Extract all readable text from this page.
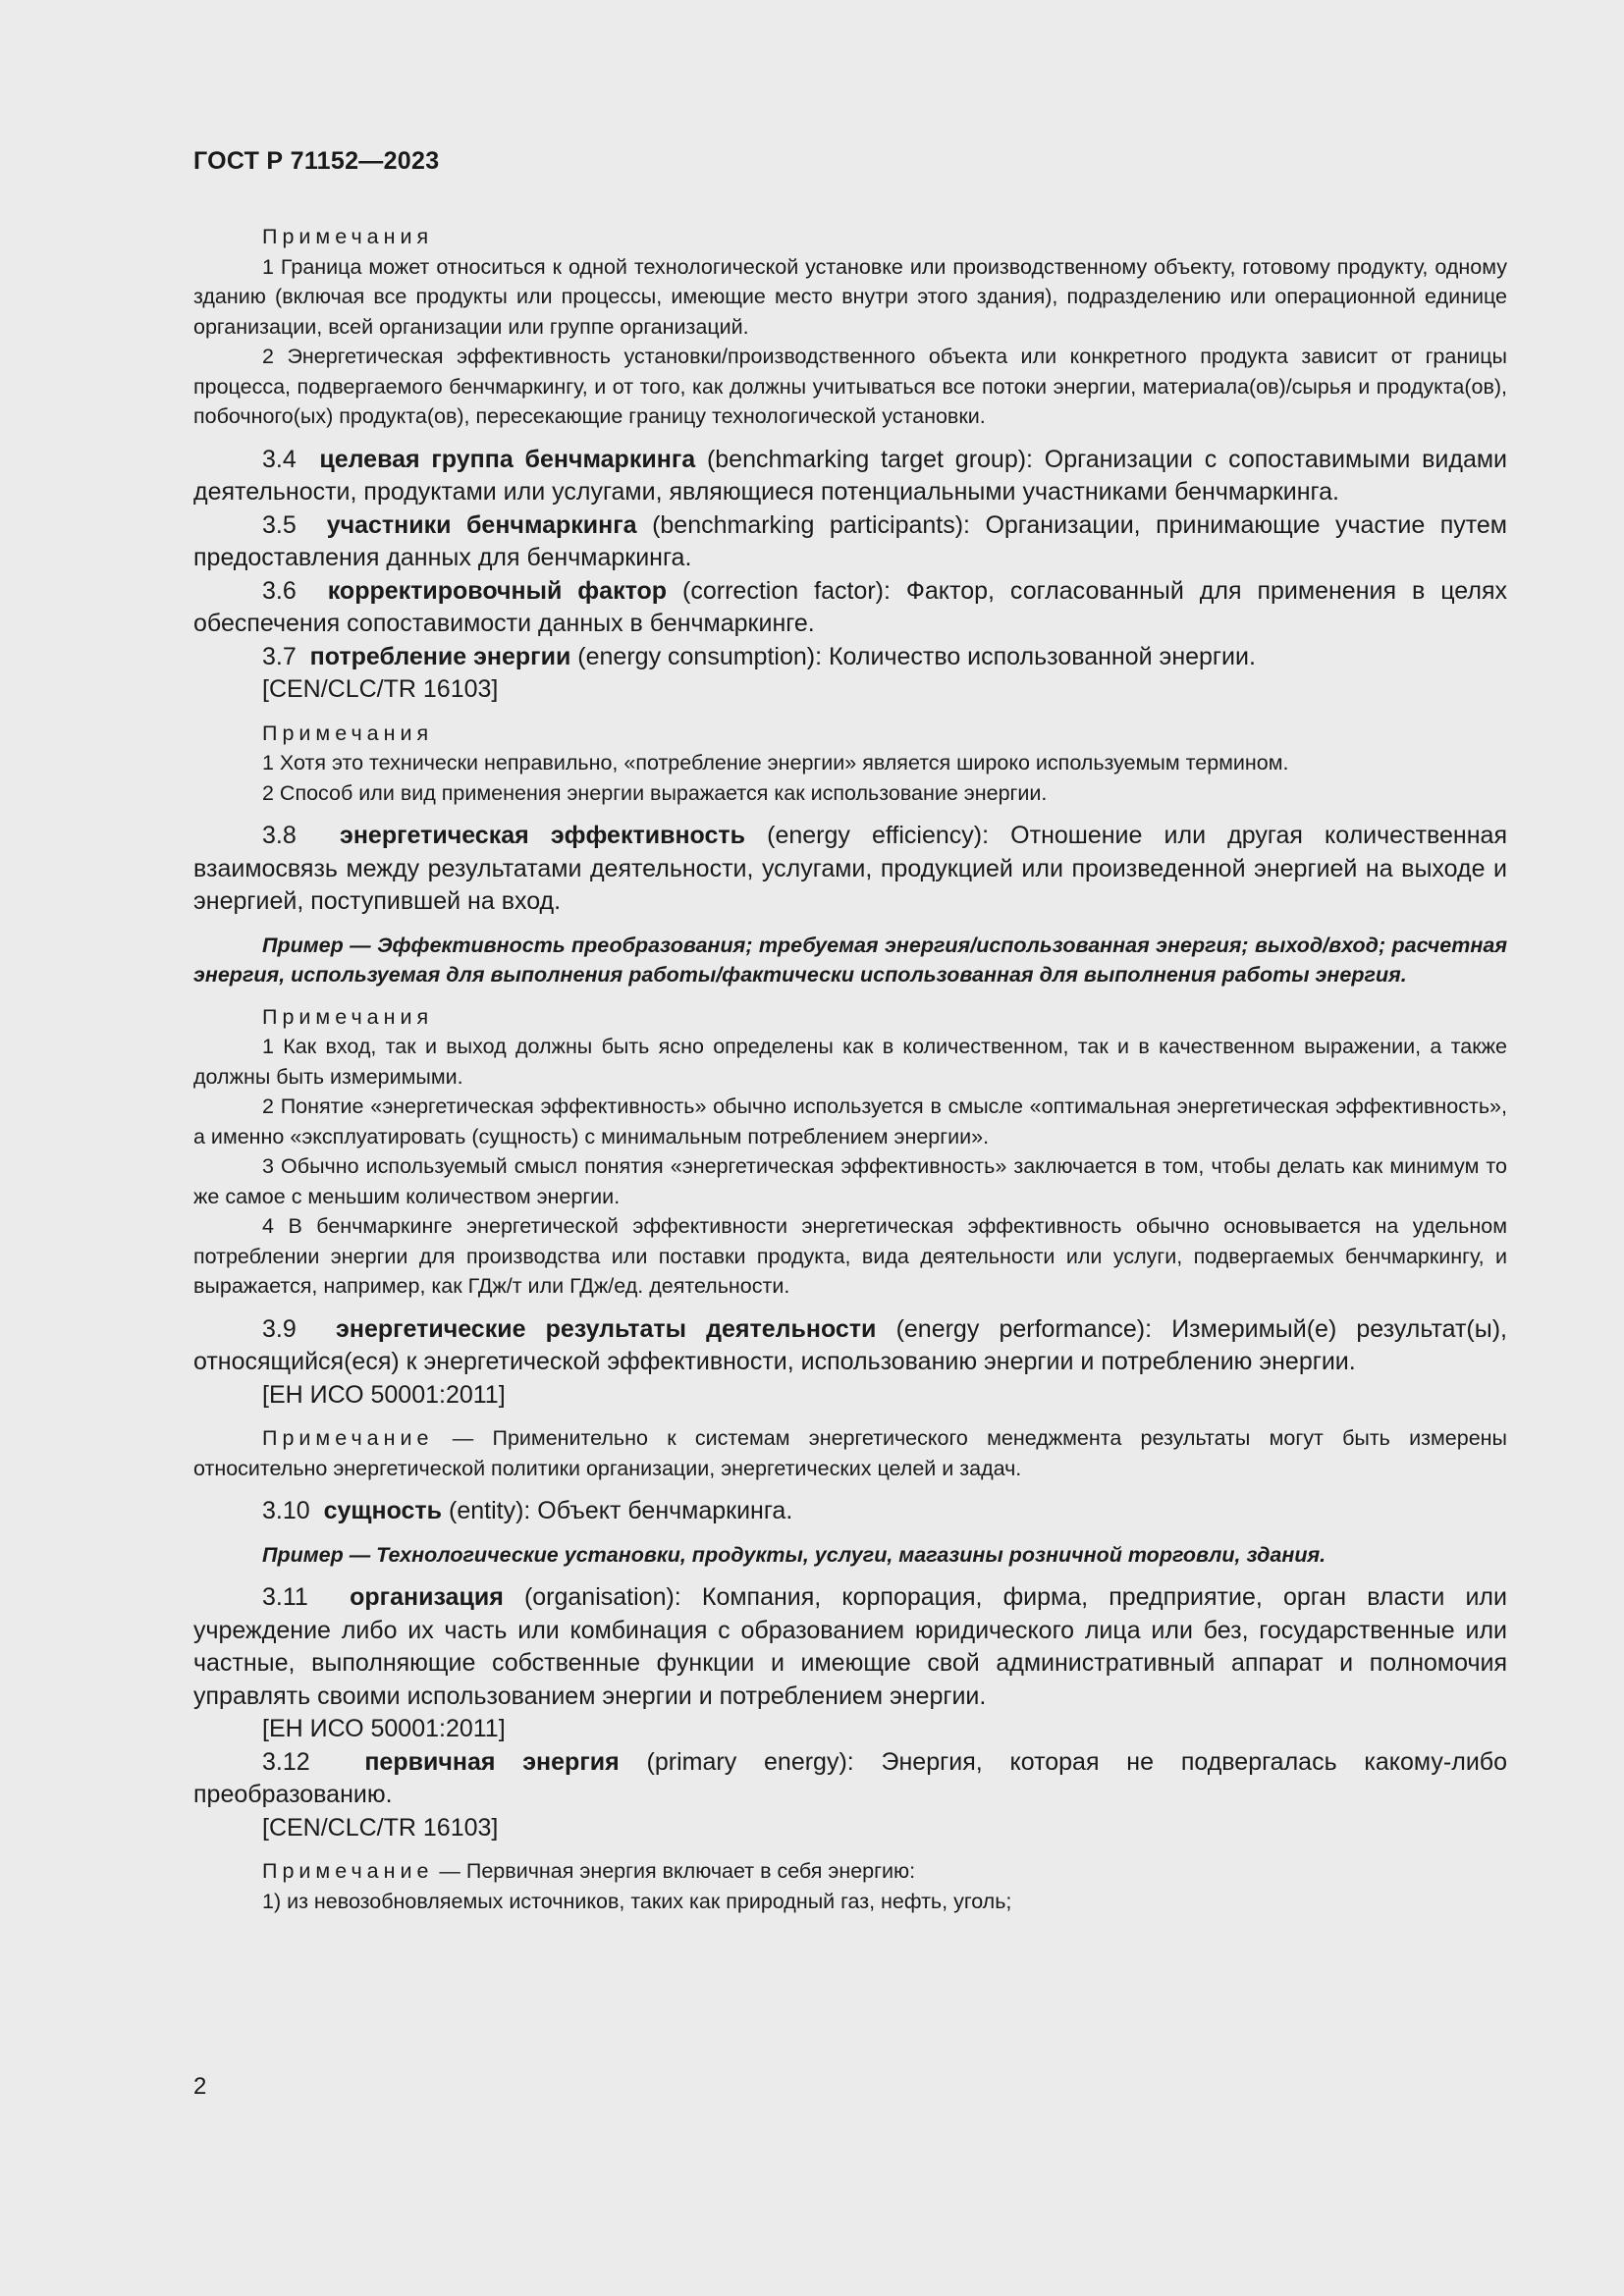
ГОСТ Р 71152—2023

Примечания

1 Граница может относиться к одной технологической установке или производственному объекту, готовому продукту, одному зданию (включая все продукты или процессы, имеющие место внутри этого здания), подразделению или операционной единице организации, всей организации или группе организаций.

2 Энергетическая эффективность установки/производственного объекта или конкретного продукта зависит от границы процесса, подвергаемого бенчмаркингу, и от того, как должны учитываться все потоки энергии, материала(ов)/сырья и продукта(ов), побочного(ых) продукта(ов), пересекающие границу технологической установки.

3.4 целевая группа бенчмаркинга (benchmarking target group): Организации с сопоставимыми видами деятельности, продуктами или услугами, являющиеся потенциальными участниками бенчмаркинга.

3.5 участники бенчмаркинга (benchmarking participants): Организации, принимающие участие путем предоставления данных для бенчмаркинга.

3.6 корректировочный фактор (correction factor): Фактор, согласованный для применения в целях обеспечения сопоставимости данных в бенчмаркинге.

3.7 потребление энергии (energy consumption): Количество использованной энергии.

[CEN/CLC/TR 16103]

Примечания

1 Хотя это технически неправильно, «потребление энергии» является широко используемым термином.

2 Способ или вид применения энергии выражается как использование энергии.

3.8 энергетическая эффективность (energy efficiency): Отношение или другая количественная взаимосвязь между результатами деятельности, услугами, продукцией или произведенной энергией на выходе и энергией, поступившей на вход.

Пример — Эффективность преобразования; требуемая энергия/использованная энергия; выход/вход; расчетная энергия, используемая для выполнения работы/фактически использованная для выполнения работы энергия.

Примечания

1 Как вход, так и выход должны быть ясно определены как в количественном, так и в качественном выражении, а также должны быть измеримыми.

2 Понятие «энергетическая эффективность» обычно используется в смысле «оптимальная энергетическая эффективность», а именно «эксплуатировать (сущность) с минимальным потреблением энергии».

3 Обычно используемый смысл понятия «энергетическая эффективность» заключается в том, чтобы делать как минимум то же самое с меньшим количеством энергии.

4 В бенчмаркинге энергетической эффективности энергетическая эффективность обычно основывается на удельном потреблении энергии для производства или поставки продукта, вида деятельности или услуги, подвергаемых бенчмаркингу, и выражается, например, как ГДж/т или ГДж/ед. деятельности.

3.9 энергетические результаты деятельности (energy performance): Измеримый(е) результат(ы), относящийся(еся) к энергетической эффективности, использованию энергии и потреблению энергии.

[ЕН ИСО 50001:2011]

Примечание — Применительно к системам энергетического менеджмента результаты могут быть измерены относительно энергетической политики организации, энергетических целей и задач.

3.10 сущность (entity): Объект бенчмаркинга.

Пример — Технологические установки, продукты, услуги, магазины розничной торговли, здания.

3.11 организация (organisation): Компания, корпорация, фирма, предприятие, орган власти или учреждение либо их часть или комбинация с образованием юридического лица или без, государственные или частные, выполняющие собственные функции и имеющие свой административный аппарат и полномочия управлять своими использованием энергии и потреблением энергии.

[ЕН ИСО 50001:2011]

3.12 первичная энергия (primary energy): Энергия, которая не подвергалась какому-либо преобразованию.

[CEN/CLC/TR 16103]

Примечание — Первичная энергия включает в себя энергию:

1) из невозобновляемых источников, таких как природный газ, нефть, уголь;

2
